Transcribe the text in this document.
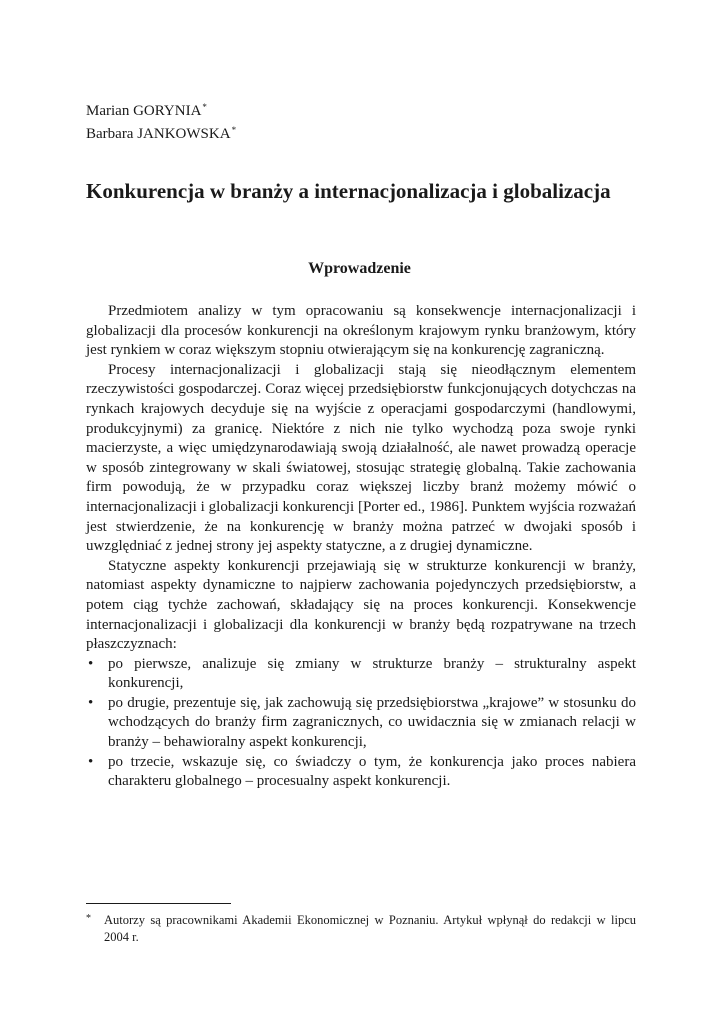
Marian GORYNIA*
Barbara JANKOWSKA*
Konkurencja w branży a internacjonalizacja i globalizacja
Wprowadzenie

Przedmiotem analizy w tym opracowaniu są konsekwencje internacjonalizacji i globalizacji dla procesów konkurencji na określonym krajowym rynku branżowym, który jest rynkiem w coraz większym stopniu otwierającym się na konkurencję zagraniczną.

Procesy internacjonalizacji i globalizacji stają się nieodłącznym elementem rzeczywistości gospodarczej. Coraz więcej przedsiębiorstw funkcjonujących dotychczas na rynkach krajowych decyduje się na wyjście z operacjami gospodarczymi (handlowymi, produkcyjnymi) za granicę. Niektóre z nich nie tylko wychodzą poza swoje rynki macierzyste, a więc umiędzynarodawiają swoją działalność, ale nawet prowadzą operacje w sposób zintegrowany w skali światowej, stosując strategię globalną. Takie zachowania firm powodują, że w przypadku coraz większej liczby branż możemy mówić o internacjonalizacji i globalizacji konkurencji [Porter ed., 1986]. Punktem wyjścia rozważań jest stwierdzenie, że na konkurencję w branży można patrzeć w dwojaki sposób i uwzględniać z jednej strony jej aspekty statyczne, a z drugiej dynamiczne.

Statyczne aspekty konkurencji przejawiają się w strukturze konkurencji w branży, natomiast aspekty dynamiczne to najpierw zachowania pojedynczych przedsiębiorstw, a potem ciąg tychże zachowań, składający się na proces konkurencji. Konsekwencje internacjonalizacji i globalizacji dla konkurencji w branży będą rozpatrywane na trzech płaszczyznach:

• po pierwsze, analizuje się zmiany w strukturze branży – strukturalny aspekt konkurencji,
• po drugie, prezentuje się, jak zachowują się przedsiębiorstwa „krajowe” w stosunku do wchodzących do branży firm zagranicznych, co uwidacznia się w zmianach relacji w branży – behawioralny aspekt konkurencji,
• po trzecie, wskazuje się, co świadczy o tym, że konkurencja jako proces nabiera charakteru globalnego – procesualny aspekt konkurencji.
*	Autorzy są pracownikami Akademii Ekonomicznej w Poznaniu. Artykuł wpłynął do redakcji w lipcu 2004 r.
